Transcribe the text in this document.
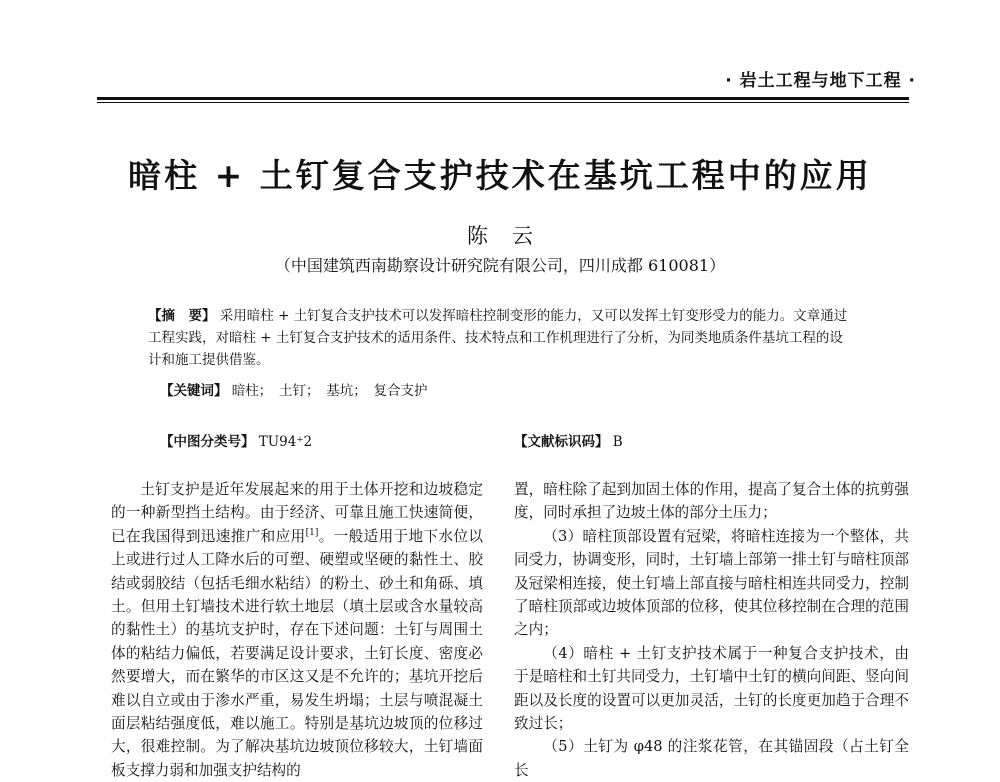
· 岩土工程与地下工程 ·
暗柱 + 土钉复合支护技术在基坑工程中的应用
陈云
（中国建筑西南勘察设计研究院有限公司，四川成都 610081）
【摘　要】 采用暗柱 + 土钉复合支护技术可以发挥暗柱控制变形的能力，又可以发挥土钉变形受力的能力。文章通过工程实践，对暗柱 + 土钉复合支护技术的适用条件、技术特点和工作机理进行了分析，为同类地质条件基坑工程的设计和施工提供借鉴。
【关键词】 暗柱；　土钉；　基坑；　复合支护
【中图分类号】 TU94⁺2	【文献标识码】 B

土钉支护是近年发展起来的用于土体开挖和边坡稳定的一种新型挡土结构。由于经济、可靠且施工快速简便，已在我国得到迅速推广和应用[1]。一般适用于地下水位以上或进行过人工降水后的可塑、硬塑或坚硬的黏性土、胶结或弱胶结（包括毛细水粘结）的粉土、砂土和角砾、填土。但用土钉墙技术进行软土地层（填土层或含水量较高的黏性土）的基坑支护时，存在下述问题：土钉与周围土体的粘结力偏低，若要满足设计要求，土钉长度、密度必然要增大，而在繁华的市区这又是不允许的；基坑开挖后难以自立或由于渗水严重，易发生坍塌；土层与喷混凝土面层粘结强度低，难以施工。特别是基坑边坡顶的位移过大，很难控制。为了解决基坑边坡顶位移较大，土钉墙面板支撑力弱和加强支护结构的

置，暗柱除了起到加固土体的作用，提高了复合土体的抗剪强度，同时承担了边坡土体的部分土压力；

（3）暗柱顶部设置有冠梁，将暗柱连接为一个整体，共同受力，协调变形，同时，土钉墙上部第一排土钉与暗柱顶部及冠梁相连接，使土钉墙上部直接与暗柱相连共同受力，控制了暗柱顶部或边坡体顶部的位移，使其位移控制在合理的范围之内；

（4）暗柱 + 土钉支护技术属于一种复合支护技术，由于是暗柱和土钉共同受力，土钉墙中土钉的横向间距、竖向间距以及长度的设置可以更加灵活，土钉的长度更加趋于合理不致过长；

（5）土钉为 φ48 的注浆花管，在其锚固段（占土钉全长
